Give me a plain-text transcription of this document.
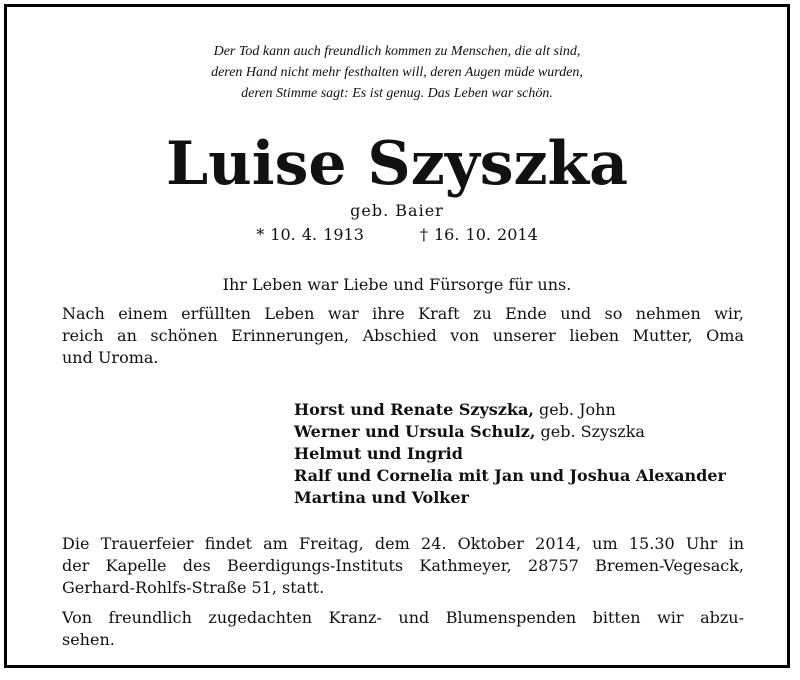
Der Tod kann auch freundlich kommen zu Menschen, die alt sind,
deren Hand nicht mehr festhalten will, deren Augen müde wurden,
deren Stimme sagt: Es ist genug. Das Leben war schön.
Luise Szyszka
geb. Baier
* 10. 4. 1913	† 16. 10. 2014
Ihr Leben war Liebe und Fürsorge für uns.
Nach einem erfüllten Leben war ihre Kraft zu Ende und so nehmen wir,
reich an schönen Erinnerungen, Abschied von unserer lieben Mutter, Oma
und Uroma.
Horst und Renate Szyszka, geb. John
Werner und Ursula Schulz, geb. Szyszka
Helmut und Ingrid
Ralf und Cornelia mit Jan und Joshua Alexander
Martina und Volker
Die Trauerfeier findet am Freitag, dem 24. Oktober 2014, um 15.30 Uhr in
der Kapelle des Beerdigungs-Instituts Kathmeyer, 28757 Bremen-Vegesack,
Gerhard-Rohlfs-Straße 51, statt.
Von freundlich zugedachten Kranz- und Blumenspenden bitten wir abzu-
sehen.
